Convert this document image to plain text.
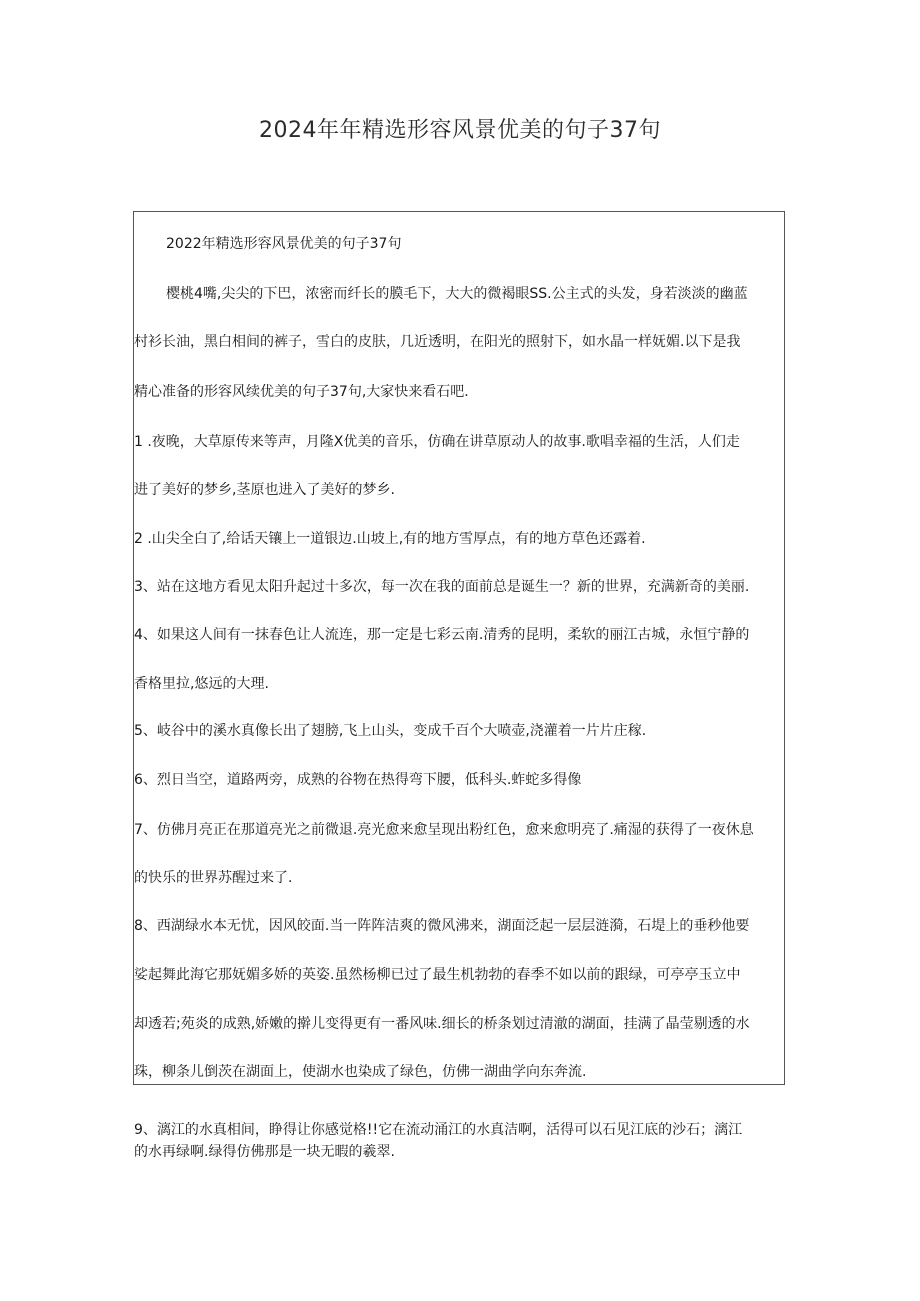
2024年年精选形容风景优美的句子37句
2022年精选形容风景优美的句子37句
樱桃4嘴,尖尖的下巴，浓密而纤长的膜毛下，大大的微褐眼SS.公主式的头发，身若淡淡的幽蓝
村衫长油，黑白相间的裤子，雪白的皮肤，几近透明，在阳光的照射下，如水晶一样妩媚.以下是我
精心准备的形容风续优美的句子37句,大家快来看石吧.
1 .夜晚，大草原传来等声，月隆X优美的音乐，仿确在讲草原动人的故事.歌唱幸福的生活，人们走
进了美好的梦乡,茎原也进入了美好的梦乡.
2 .山尖全白了,给话天镶上一道银边.山坡上,有的地方雪厚点，有的地方草色还露着.
3、站在这地方看见太阳升起过十多次，每一次在我的面前总是诞生一？新的世界，充满新奇的美丽.
4、如果这人间有一抹春色让人流连，那一定是七彩云南.清秀的昆明，柔软的丽江古城，永恒宁静的
香格里拉,悠远的大理.
5、岐谷中的溪水真像长出了翅膀,飞上山头，变成千百个大喷壶,浇灌着一片片庄稼.
6、烈日当空，道路两旁，成熟的谷物在热得弯下腰，低科头.蚱蛇多得像
7、仿佛月亮正在那道亮光之前微退.亮光愈来愈呈现出粉红色，愈来愈明亮了.痛湿的获得了一夜休息
的快乐的世界苏醒过来了.
8、西湖绿水本无忧，因风皎面.当一阵阵洁爽的微风沸来，湖面泛起一层层涟漪，石堤上的垂秒他要
娑起舞此海它那妩媚多娇的英姿.虽然杨柳已过了最生机勃勃的春季不如以前的跟绿，可亭亭玉立中
却透若;苑炎的成熟,娇嫩的擀儿变得更有一番风味.细长的桥条划过清澈的湖面，挂满了晶莹剔透的水
珠，柳条儿倒茨在湖面上，使湖水也染成了绿色，仿佛一湖曲学向东奔流.
9、漓江的水真相间，睁得让你感觉格!!它在流动涌江的水真洁啊，活得可以石见江底的沙石；漓江
的水再绿啊.绿得仿佛那是一块无暇的羲翠.
